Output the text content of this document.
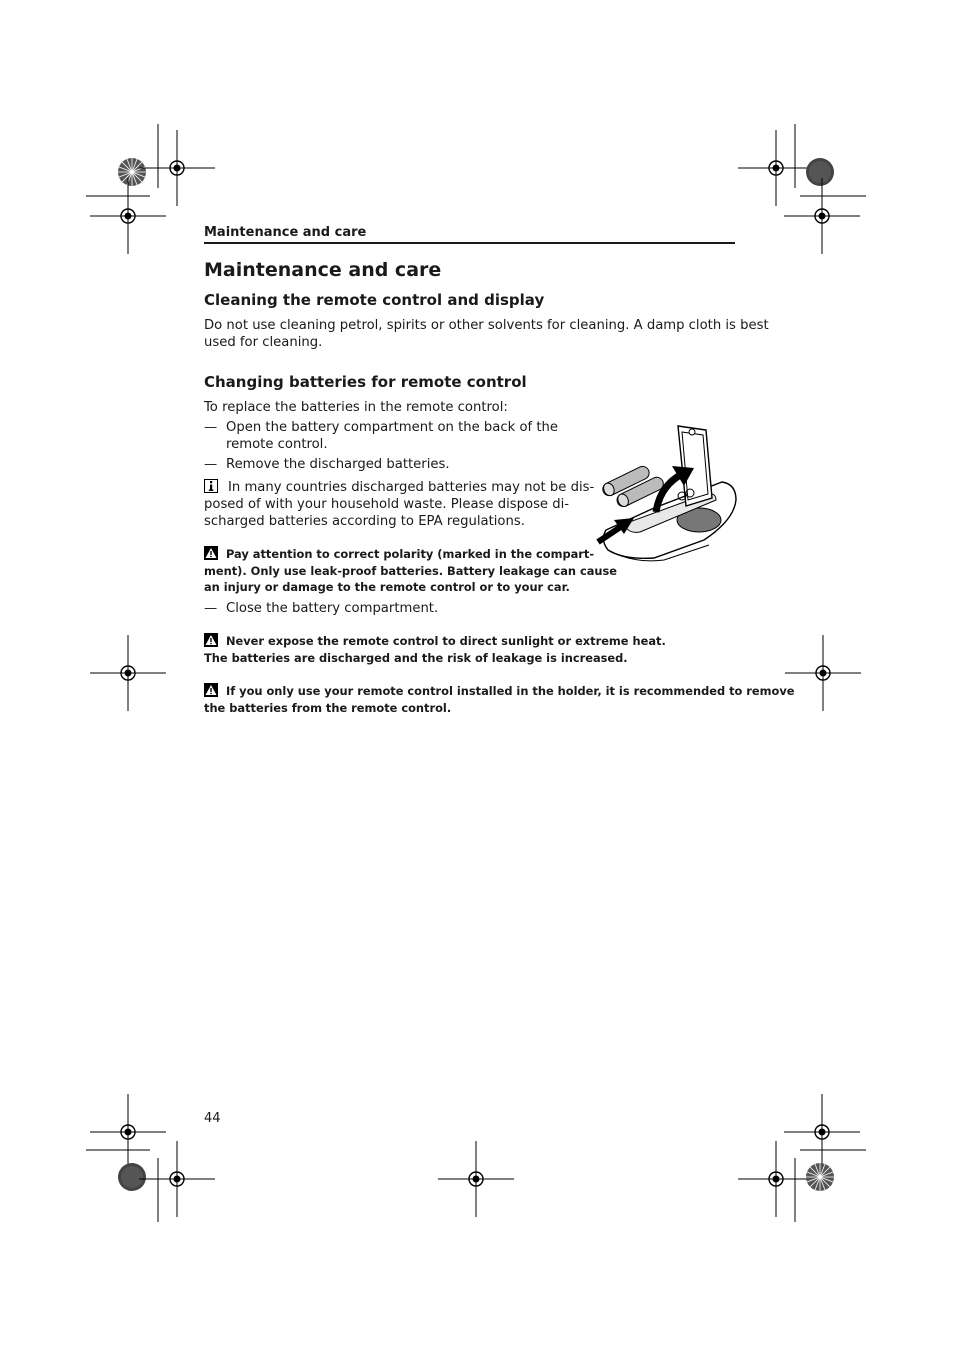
Maintenance and care
Maintenance and care
Cleaning the remote control and display
Do not use cleaning petrol, spirits or other solvents for cleaning. A damp cloth is best
used for cleaning.
Changing batteries for remote control
To replace the batteries in the remote control:
— Open the battery compartment on the back of the
remote control.
— Remove the discharged batteries.
In many countries discharged batteries may not be dis-
posed of with your household waste. Please dispose di-
scharged batteries according to EPA regulations.
Pay attention to correct polarity (marked in the compart-
ment). Only use leak-proof batteries. Battery leakage can cause
an injury or damage to the remote control or to your car.
— Close the battery compartment.
Never expose the remote control to direct sunlight or extreme heat.
The batteries are discharged and the risk of leakage is increased.
If you only use your remote control installed in the holder, it is recommended to remove
the batteries from the remote control.
44
